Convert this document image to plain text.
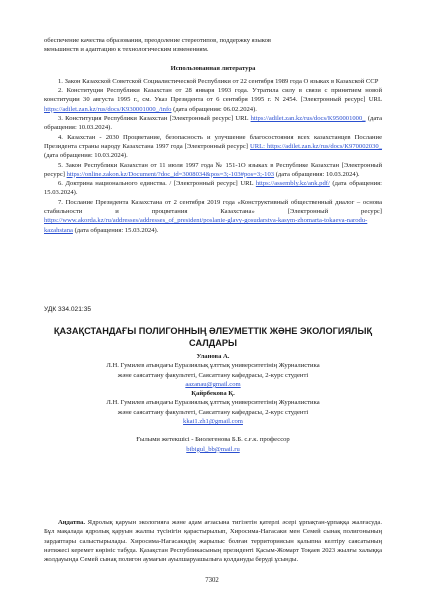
обеспечение качества образования, преодоление стереотипов, поддержку языков

меньшинств и адаптацию к технологическим изменениям.

Использованная литература

1. Закон Казахской Советской Социалистической Республики от 22 сентября 1989 года О языках в Казахской ССР

2. Конституция Республики Казахстан от 28 января 1993 года. Утратила силу в связи с принятием новой конституции 30 августа 1995 г., см. Указ Президента от 6 сентября 1995 г. N 2454. [Электронный ресурс] URL https://adilet.zan.kz/rus/docs/K930001000_/info (дата обращения: 06.02.2024).

3. Конституция Республики Казахстан [Электронный ресурс] URL https://adilet.zan.kz/rus/docs/K950001000_ (дата обращения: 10.03.2024).

4. Казахстан - 2030 Процветание, безопасность и улучшение благосостояния всех казахстанцев Послание Президента страны народу Казахстана 1997 года [Электронный ресурс] URL: https://adilet.zan.kz/rus/docs/K970002030_ (дата обращения: 10.03.2024).

5. Закон Республики Казахстан от 11 июля 1997 года № 151-1О языках в Республике Казахстан [Электронный ресурс] https://online.zakon.kz/Document/?doc_id=3008034&pos=3;-103#pos=3;-103 (дата обращения: 10.03.2024).

6. Доктрина национального единства. / [Электронный ресурс] URL https://assembly.kz/ank.pdf/ (дата обращения: 15.03.2024).

7. Послание Президента Казахстана от 2 сентября 2019 года «Конструктивный общественный диалог – основа стабильности и процветания Казахстана» [Электронный ресурс] https://www.akorda.kz/ru/addresses/addresses_of_president/poslanie-glavy-gosudarstva-kasym-zhomarta-tokaeva-narodu-kazahstana (дата обращения: 15.03.2024).

УДК 334.021:35
ҚАЗАҚСТАНДАҒЫ ПОЛИГОННЫҢ ӘЛЕУМЕТТІК ЖӘНЕ ЭКОЛОГИЯЛЫҚ
САЛДАРЫ

Уланова А.

Л.Н. Гумилев атындағы Еуразиялық ұлттық университетінің Журналистика

және саясаттану факультеті, Саясаттану кафедрасы, 2-курс студенті

aazanau@gmail.com

Қайрбекова Қ.

Л.Н. Гумилев атындағы Еуразиялық ұлттық университетінің Журналистика

және саясаттану факультеті, Саясаттану кафедрасы, 2-курс студенті

kkai1.zh1@gmail.com

Ғылыми жетекшісі - Биолегенова Б.Б. с.ғ.к. профессор

bibigul_bb@mail.ru

Аңдатпа. Ядролық қаруын экологияға және адам ағзасына тигізетін қатерлі әсері ұрпақтан-ұрпаққа жалғасуда. Бұл мақалада ядролық қаруын жалпы түсінігін қарастырылып, Хиросима-Нагасаки мен Семей сынақ полигонының зардаптары салыстырылады. Хиросима-Нагасакидің жарылыс болған территориясын қалыпна келтіру саясатының нәтижесі керемет көрініс табуда. Қазақстан Республикасының президенті Қасым-Жомарт Тоқаев 2023 жылғы халыққа жолдауында Семей сынақ полигон аумағын ауылшаруашылыға қолдануды беруді ұсынды.

7302
